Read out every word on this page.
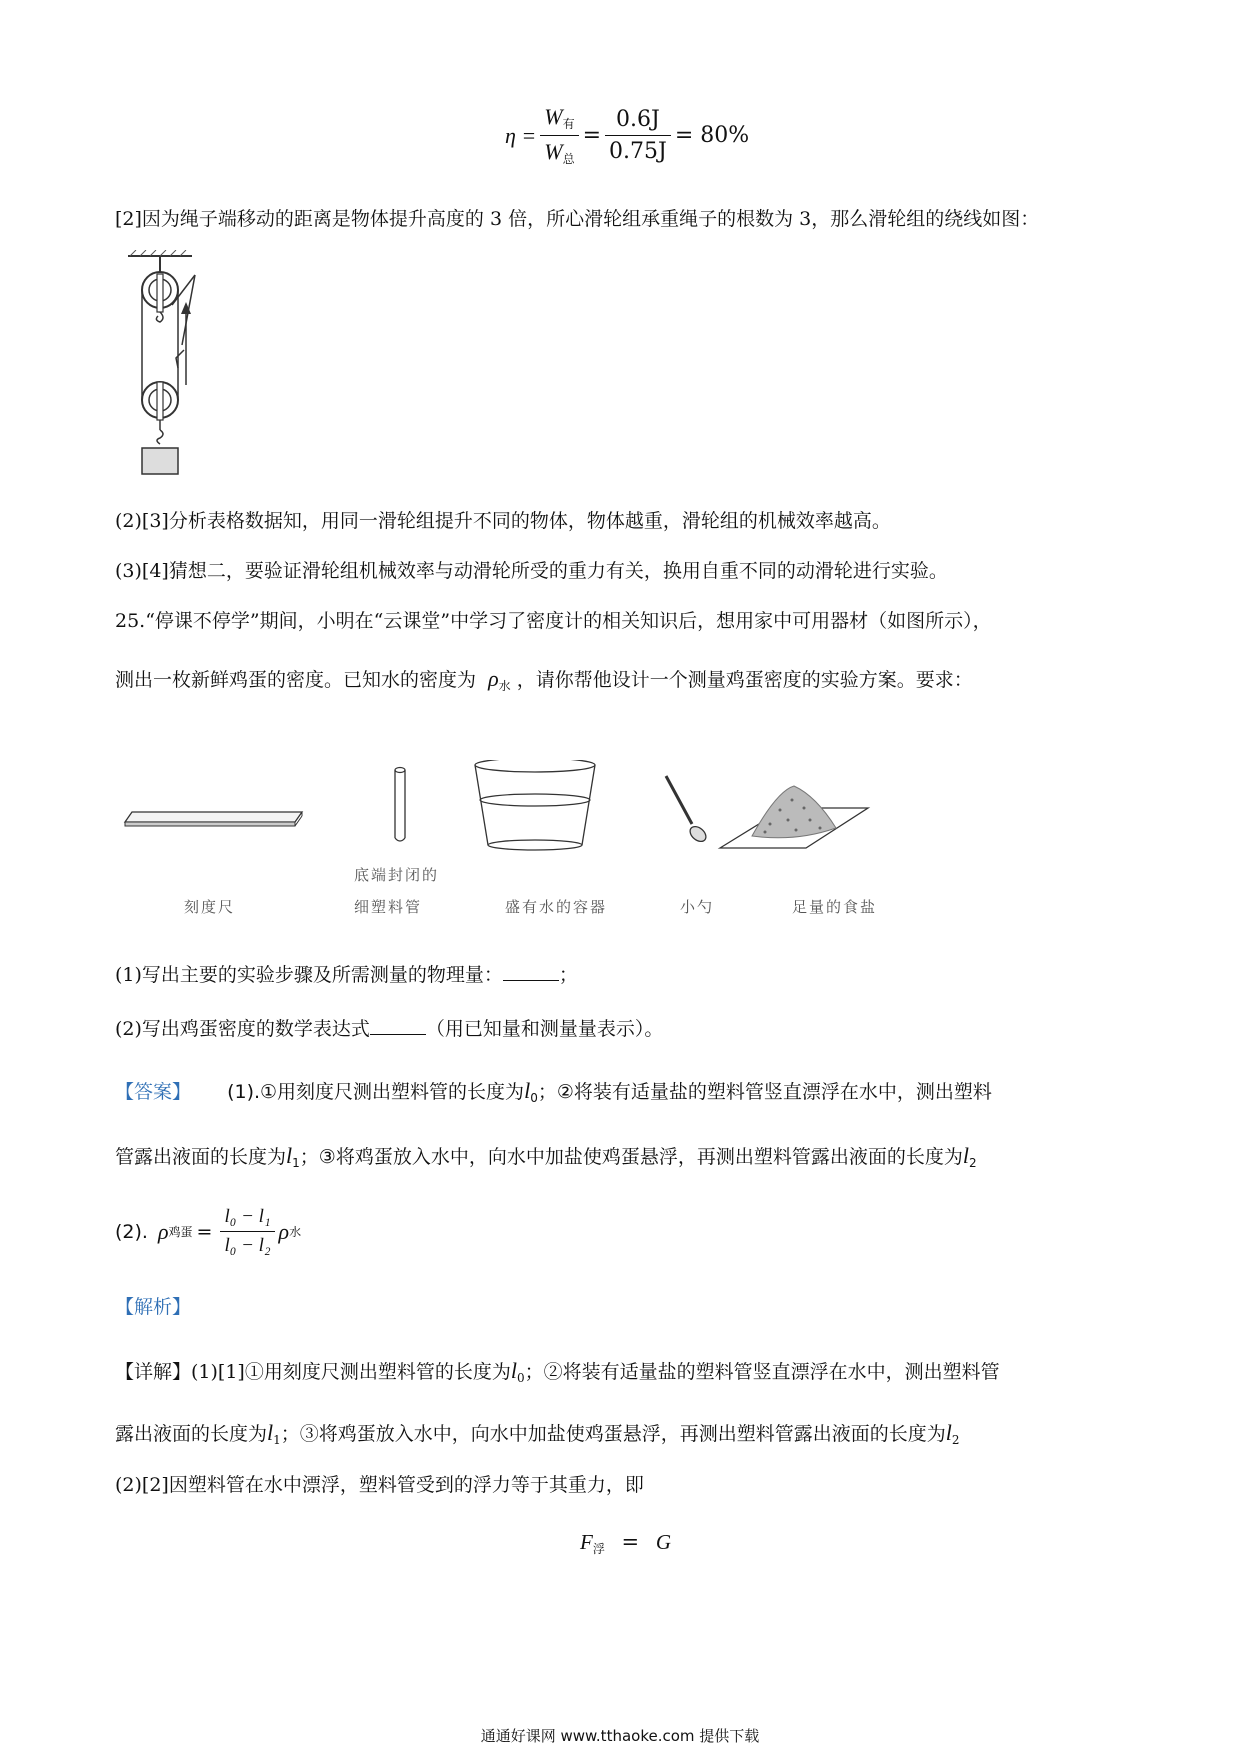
$\eta = \frac{W_有}{W_总} = \frac{0.6J}{0.75J} = 80\%$
[2]因为绳子端移动的距离是物体提升高度的 3 倍，所心滑轮组承重绳子的根数为 3，那么滑轮组的绕线如图：
(2)[3]分析表格数据知，用同一滑轮组提升不同的物体，物体越重，滑轮组的机械效率越高。
(3)[4]猜想二，要验证滑轮组机械效率与动滑轮所受的重力有关，换用自重不同的动滑轮进行实验。
25.“停课不停学”期间，小明在“云课堂”中学习了密度计的相关知识后，想用家中可用器材（如图所示），
测出一枚新鲜鸡蛋的密度。已知水的密度为 $\rho_水$ ，请你帮他设计一个测量鸡蛋密度的实验方案。要求：
刻度尺
底端封闭的
细塑料管	盛有水的容器	小勺	足量的食盐
(1)写出主要的实验步骤及所需测量的物理量：	；
(2)写出鸡蛋密度的数学表达式	（用已知量和测量量表示）。
【答案】 (1).①用刻度尺测出塑料管的长度为$l_0$；②将装有适量盐的塑料管竖直漂浮在水中，测出塑料
管露出液面的长度为$l_1$；③将鸡蛋放入水中，向水中加盐使鸡蛋悬浮，再测出塑料管露出液面的长度为$l_2$
(2). ρ 鸡蛋 = $\frac{\text{l₀ − l₁}}{\text{l₀ − l₂}}$ ρ 水
【解析】
【详解】(1)[1]①用刻度尺测出塑料管的长度为$l_0$；②将装有适量盐的塑料管竖直漂浮在水中，测出塑料管
露出液面的长度为$l_1$；③将鸡蛋放入水中，向水中加盐使鸡蛋悬浮，再测出塑料管露出液面的长度为$l_2$
(2)[2]因塑料管在水中漂浮，塑料管受到的浮力等于其重力，即
$F_浮 = G$
通通好课网 www.tthaoke.com 提供下载
